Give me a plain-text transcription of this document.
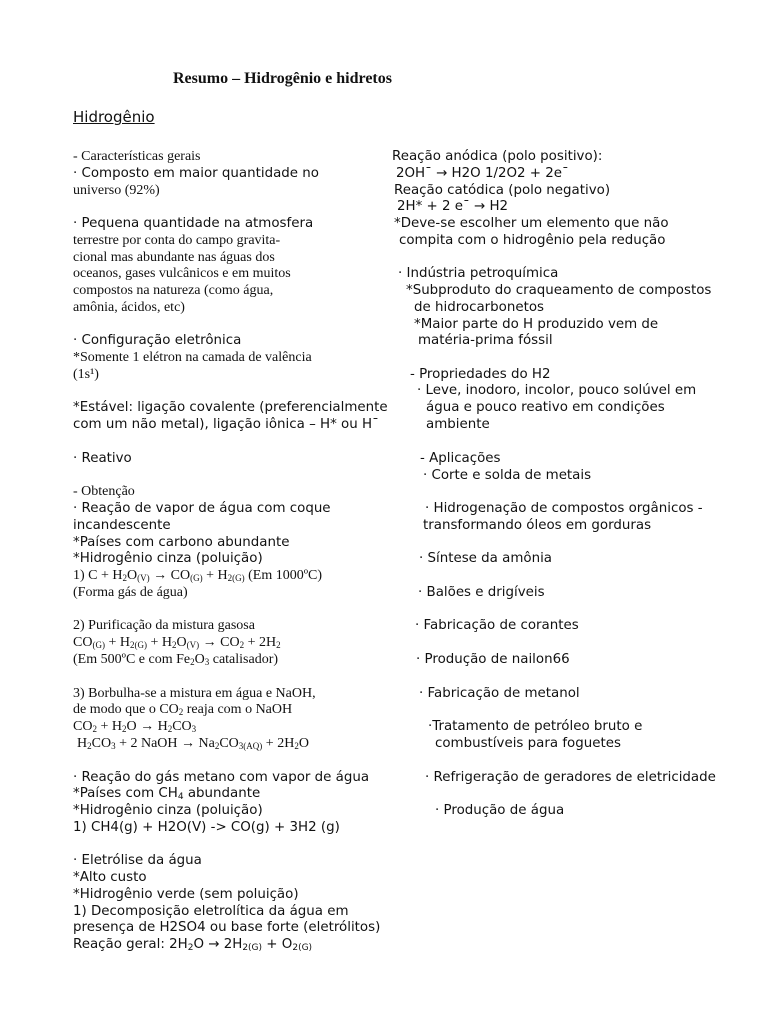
Resumo – Hidrogênio e hidretos
Hidrogênio
- Características gerais
· Composto em maior quantidade no
universo (92%)
· Pequena quantidade na atmosfera
terrestre por conta do campo gravita-
cional mas abundante nas águas dos
oceanos, gases vulcânicos e em muitos
compostos na natureza (como água,
amônia, ácidos, etc)
· Configuração eletrônica
*Somente 1 elétron na camada de valência
(1s¹)
*Estável: ligação covalente (preferencialmente
com um não metal), ligação iônica – H* ou H¯
· Reativo
- Obtenção
· Reação de vapor de água com coque
incandescente
*Países com carbono abundante
*Hidrogênio cinza (poluição)
1) $C + H_2O_{(V)} \to CO_{(G)} + H_{2(G)}$ (Em 1000ºC)
(Forma gás de água)
2) Purificação da mistura gasosa
$CO_{(G)} + H_{2(G)} + H_2O_{(V)} \to CO_2 + 2H_2$
(Em 500ºC e com $Fe_2O_3$ catalisador)
3) Borbulha-se a mistura em água e NaOH,
de modo que o $CO_2$ reaja com o NaOH
$CO_2 + H_2O \to H_2CO_3$
$H_2CO_3 + 2$ NaOH → $Na_2CO_{3(AQ)} + 2H_2O$
· Reação do gás metano com vapor de água
*Países com $CH_4$ abundante
*Hidrogênio cinza (poluição)
1) CH4(g) + H2O(V) -> CO(g) + 3H2 (g)
· Eletrólise da água
*Alto custo
*Hidrogênio verde (sem poluição)
1) Decomposição eletrolítica da água em
presença de H2SO4 ou base forte (eletrólitos)
Reação geral: $2H_2O \to 2H_{2(G)} + O_{2(G)}$
Reação anódica (polo positivo):
2OH¯ → H2O 1/2O2 + 2e¯
Reação catódica (polo negativo)
2H* + 2 e¯ → H2
*Deve-se escolher um elemento que não
compita com o hidrogênio pela redução
· Indústria petroquímica
*Subproduto do craqueamento de compostos
de hidrocarbonetos
*Maior parte do H produzido vem de
matéria-prima fóssil
- Propriedades do H2
· Leve, inodoro, incolor, pouco solúvel em
água e pouco reativo em condições
ambiente
- Aplicações
· Corte e solda de metais
· Hidrogenação de compostos orgânicos -
transformando óleos em gorduras
· Síntese da amônia
· Balões e drigíveis
· Fabricação de corantes
· Produção de nailon66
· Fabricação de metanol
·Tratamento de petróleo bruto e
combustíveis para foguetes
· Refrigeração de geradores de eletricidade
· Produção de água
